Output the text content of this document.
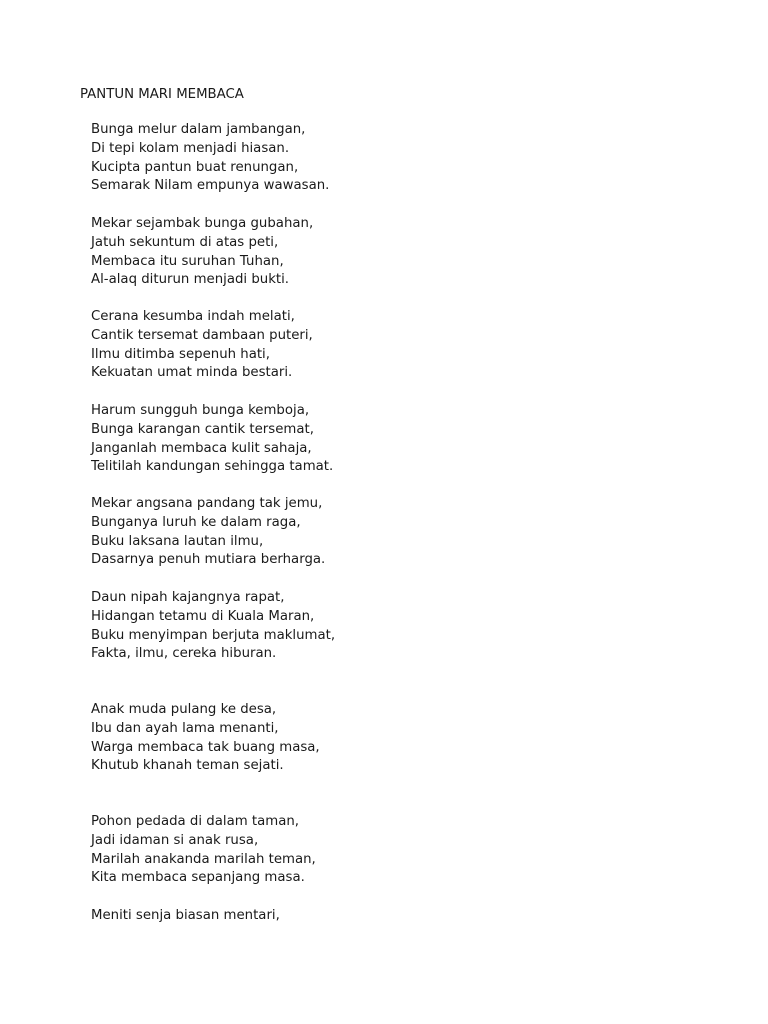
PANTUN MARI MEMBACA
Bunga melur dalam jambangan,
Di tepi kolam menjadi hiasan.
Kucipta pantun buat renungan,
Semarak Nilam empunya wawasan.
Mekar sejambak bunga gubahan,
Jatuh sekuntum di atas peti,
Membaca itu suruhan Tuhan,
Al-alaq diturun menjadi bukti.
Cerana kesumba indah melati,
Cantik tersemat dambaan puteri,
Ilmu ditimba sepenuh hati,
Kekuatan umat minda bestari.
Harum sungguh bunga kemboja,
Bunga karangan cantik tersemat,
Janganlah membaca kulit sahaja,
Telitilah kandungan sehingga tamat.
Mekar angsana pandang tak jemu,
Bunganya luruh ke dalam raga,
Buku laksana lautan ilmu,
Dasarnya penuh mutiara berharga.
Daun nipah kajangnya rapat,
Hidangan tetamu di Kuala Maran,
Buku menyimpan berjuta maklumat,
Fakta, ilmu, cereka hiburan.
Anak muda pulang ke desa,
Ibu dan ayah lama menanti,
Warga membaca tak buang masa,
Khutub khanah teman sejati.
Pohon pedada di dalam taman,
Jadi idaman si anak rusa,
Marilah anakanda marilah teman,
Kita membaca sepanjang masa.
Meniti senja biasan mentari,
